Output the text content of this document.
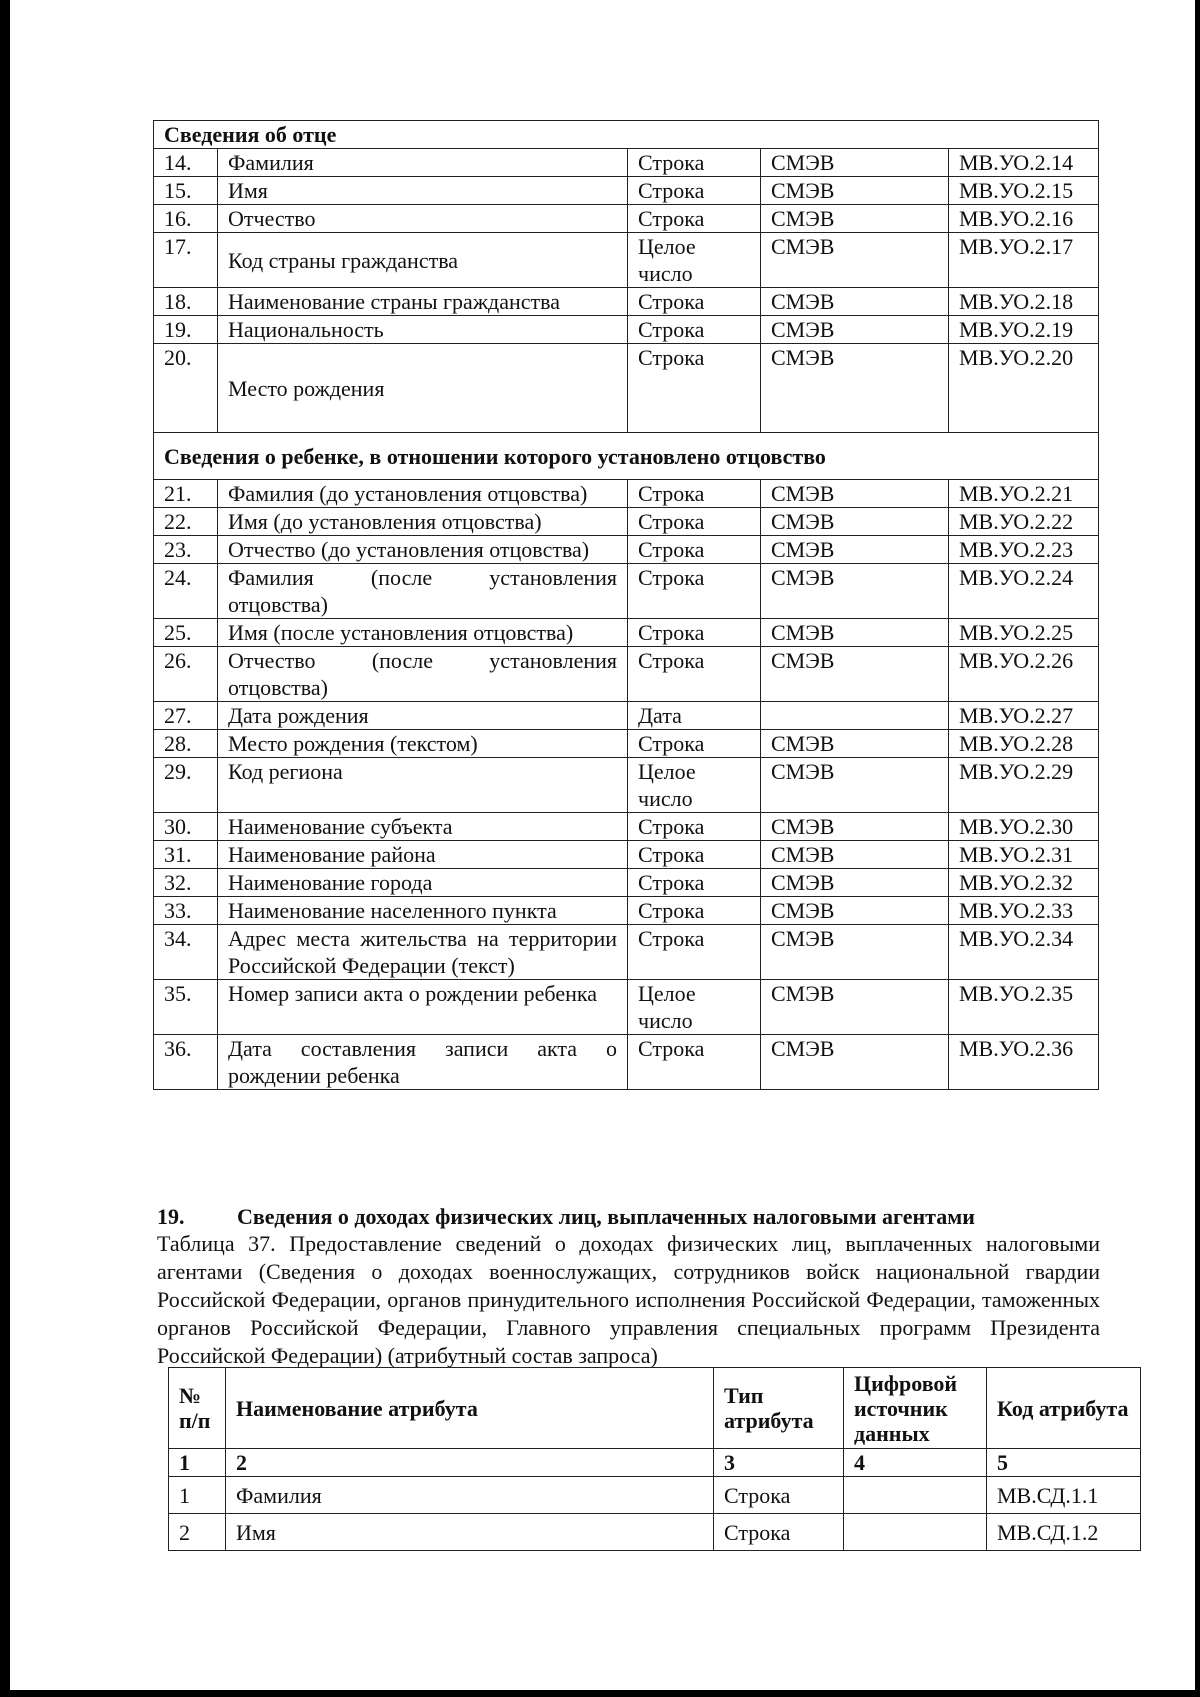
Сведения об отце				
14.	Фамилия	Строка	СМЭВ	МВ.УО.2.14
15.	Имя	Строка	СМЭВ	МВ.УО.2.15
16.	Отчество	Строка	СМЭВ	МВ.УО.2.16
17.	Код страны гражданства	Целое число	СМЭВ	МВ.УО.2.17
18.	Наименование страны гражданства	Строка	СМЭВ	МВ.УО.2.18
19.	Национальность	Строка	СМЭВ	МВ.УО.2.19
20.	Место рождения	Строка	СМЭВ	МВ.УО.2.20
Сведения о ребенке, в отношении которого установлено отцовство				
21.	Фамилия (до установления отцовства)	Строка	СМЭВ	МВ.УО.2.21
22.	Имя (до установления отцовства)	Строка	СМЭВ	МВ.УО.2.22
23.	Отчество (до установления отцовства)	Строка	СМЭВ	МВ.УО.2.23
24.	Фамилия (после установления отцовства)	Строка	СМЭВ	МВ.УО.2.24
25.	Имя (после установления отцовства)	Строка	СМЭВ	МВ.УО.2.25
26.	Отчество (после установления отцовства)	Строка	СМЭВ	МВ.УО.2.26
27.	Дата рождения	Дата		МВ.УО.2.27
28.	Место рождения (текстом)	Строка	СМЭВ	МВ.УО.2.28
29.	Код региона	Целое число	СМЭВ	МВ.УО.2.29
30.	Наименование субъекта	Строка	СМЭВ	МВ.УО.2.30
31.	Наименование района	Строка	СМЭВ	МВ.УО.2.31
32.	Наименование города	Строка	СМЭВ	МВ.УО.2.32
33.	Наименование населенного пункта	Строка	СМЭВ	МВ.УО.2.33
34.	Адрес места жительства на территории Российской Федерации (текст)	Строка	СМЭВ	МВ.УО.2.34
35.	Номер записи акта о рождении ребенка	Целое число	СМЭВ	МВ.УО.2.35
36.	Дата составления записи акта о рождении ребенка	Строка	СМЭВ	МВ.УО.2.36
19. Сведения о доходах физических лиц, выплаченных налоговыми агентами
Таблица 37. Предоставление сведений о доходах физических лиц, выплаченных налоговыми агентами (Сведения о доходах военнослужащих, сотрудников войск национальной гвардии Российской Федерации, органов принудительного исполнения Российской Федерации, таможенных органов Российской Федерации, Главного управления специальных программ Президента Российской Федерации) (атрибутный состав запроса)
№ п/п	Наименование атрибута	Тип атрибута	Цифровой источник данных	Код атрибута
1	2	3	4	5
1	Фамилия	Строка		МВ.СД.1.1
2	Имя	Строка		МВ.СД.1.2
